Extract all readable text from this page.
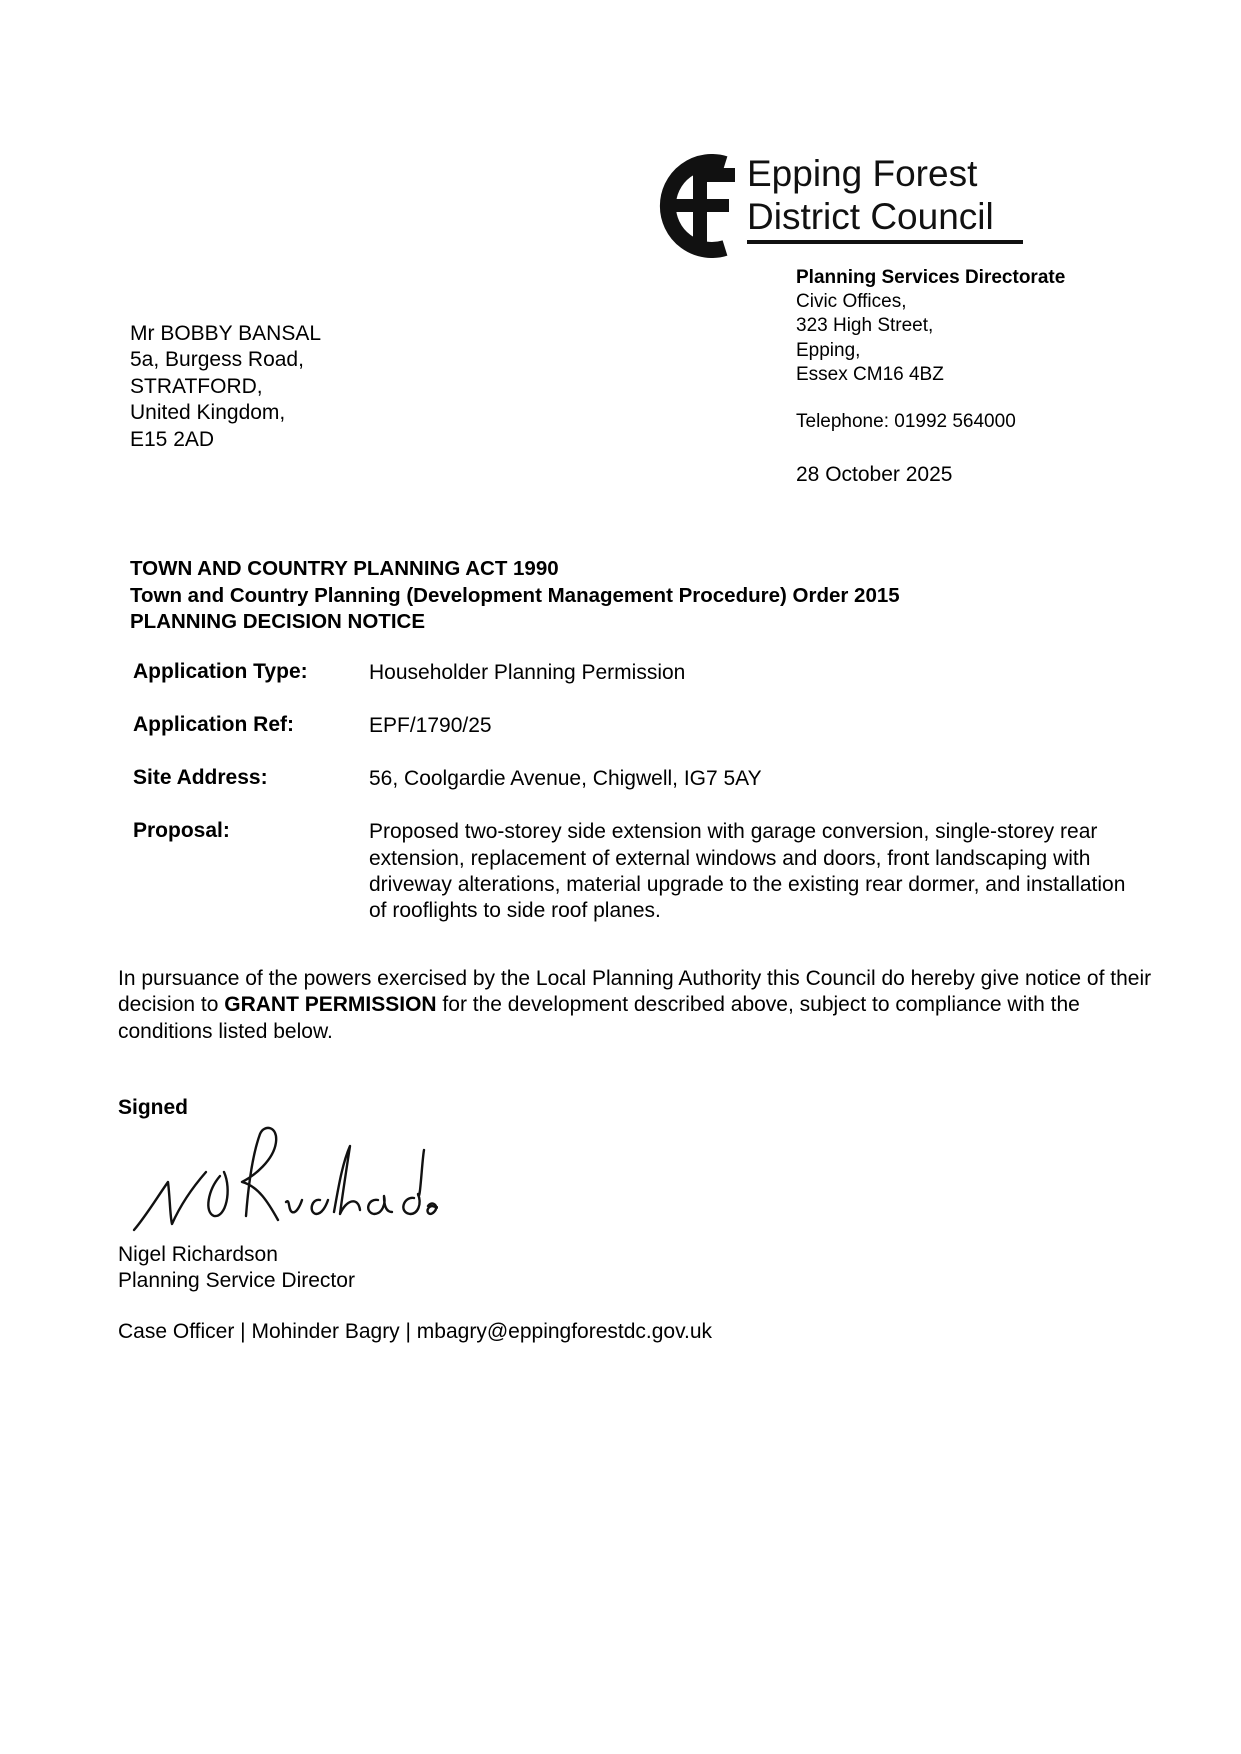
Epping Forest
District Council
Planning Services Directorate
Civic Offices,
323 High Street,
Epping,
Essex CM16 4BZ
Telephone: 01992 564000
28 October 2025
Mr BOBBY BANSAL
5a, Burgess Road,
STRATFORD,
United Kingdom,
E15 2AD
TOWN AND COUNTRY PLANNING ACT 1990
Town and Country Planning (Development Management Procedure) Order 2015
PLANNING DECISION NOTICE
Application Type:	Householder Planning Permission
Application Ref:	EPF/1790/25
Site Address:	56, Coolgardie Avenue, Chigwell, IG7 5AY
Proposal:	Proposed two-storey side extension with garage conversion, single-storey rear extension, replacement of external windows and doors, front landscaping with driveway alterations, material upgrade to the existing rear dormer, and installation of rooflights to side roof planes.
In pursuance of the powers exercised by the Local Planning Authority this Council do hereby give notice of their decision to GRANT PERMISSION for the development described above, subject to compliance with the conditions listed below.
Signed
Nigel Richardson
Planning Service Director
Case Officer | Mohinder Bagry | mbagry@eppingforestdc.gov.uk
